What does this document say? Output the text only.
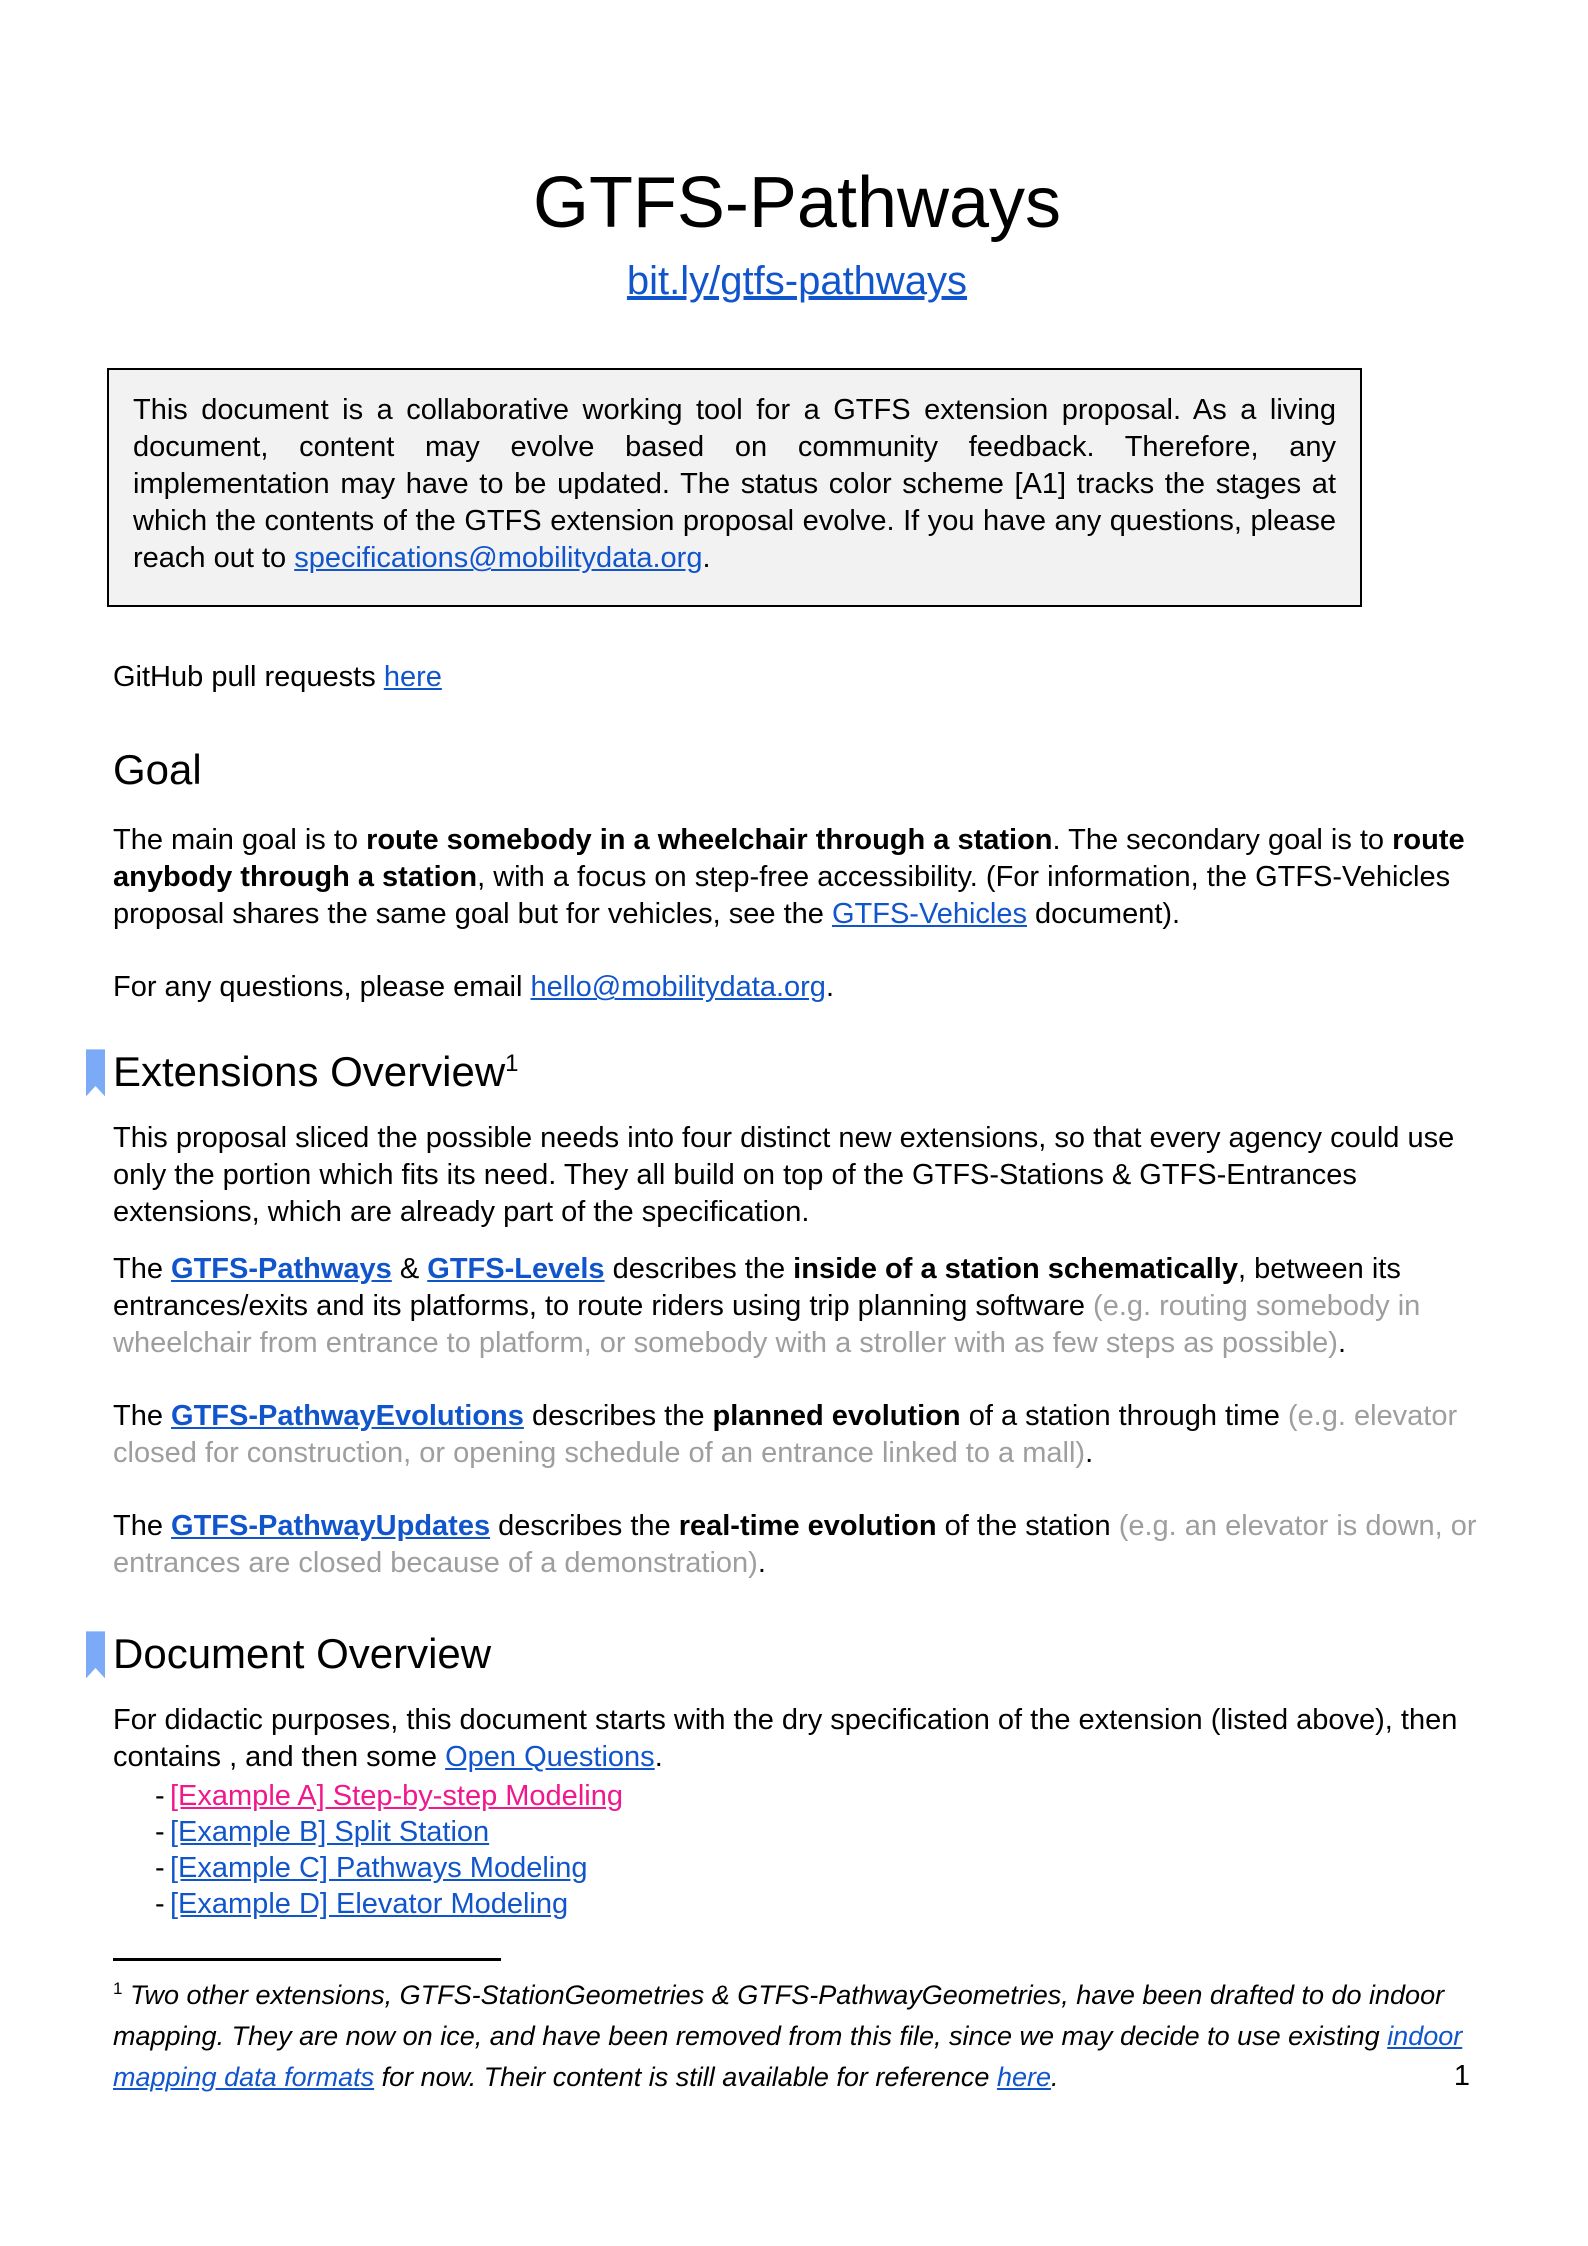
GTFS-Pathways
bit.ly/gtfs-pathways
This document is a collaborative working tool for a GTFS extension proposal. As a living document, content may evolve based on community feedback. Therefore, any implementation may have to be updated. The status color scheme [A1] tracks the stages at which the contents of the GTFS extension proposal evolve. If you have any questions, please reach out to specifications@mobilitydata.org.
GitHub pull requests here
Goal
The main goal is to route somebody in a wheelchair through a station. The secondary goal is to route anybody through a station, with a focus on step-free accessibility. (For information, the GTFS-Vehicles proposal shares the same goal but for vehicles, see the GTFS-Vehicles document).
For any questions, please email hello@mobilitydata.org.
Extensions Overview$^1$
This proposal sliced the possible needs into four distinct new extensions, so that every agency could use only the portion which fits its need. They all build on top of the GTFS-Stations & GTFS-Entrances extensions, which are already part of the specification.
The GTFS-Pathways & GTFS-Levels describes the inside of a station schematically, between its entrances/exits and its platforms, to route riders using trip planning software (e.g. routing somebody in wheelchair from entrance to platform, or somebody with a stroller with as few steps as possible).
The GTFS-PathwayEvolutions describes the planned evolution of a station through time (e.g. elevator closed for construction, or opening schedule of an entrance linked to a mall).
The GTFS-PathwayUpdates describes the real-time evolution of the station (e.g. an elevator is down, or entrances are closed because of a demonstration).
Document Overview
For didactic purposes, this document starts with the dry specification of the extension (listed above), then contains , and then some Open Questions.
- [Example A] Step-by-step Modeling
- [Example B] Split Station
- [Example C] Pathways Modeling
- [Example D] Elevator Modeling
$^1$ Two other extensions, GTFS-StationGeometries & GTFS-PathwayGeometries, have been drafted to do indoor mapping. They are now on ice, and have been removed from this file, since we may decide to use existing indoor mapping data formats for now. Their content is still available for reference here.	1
